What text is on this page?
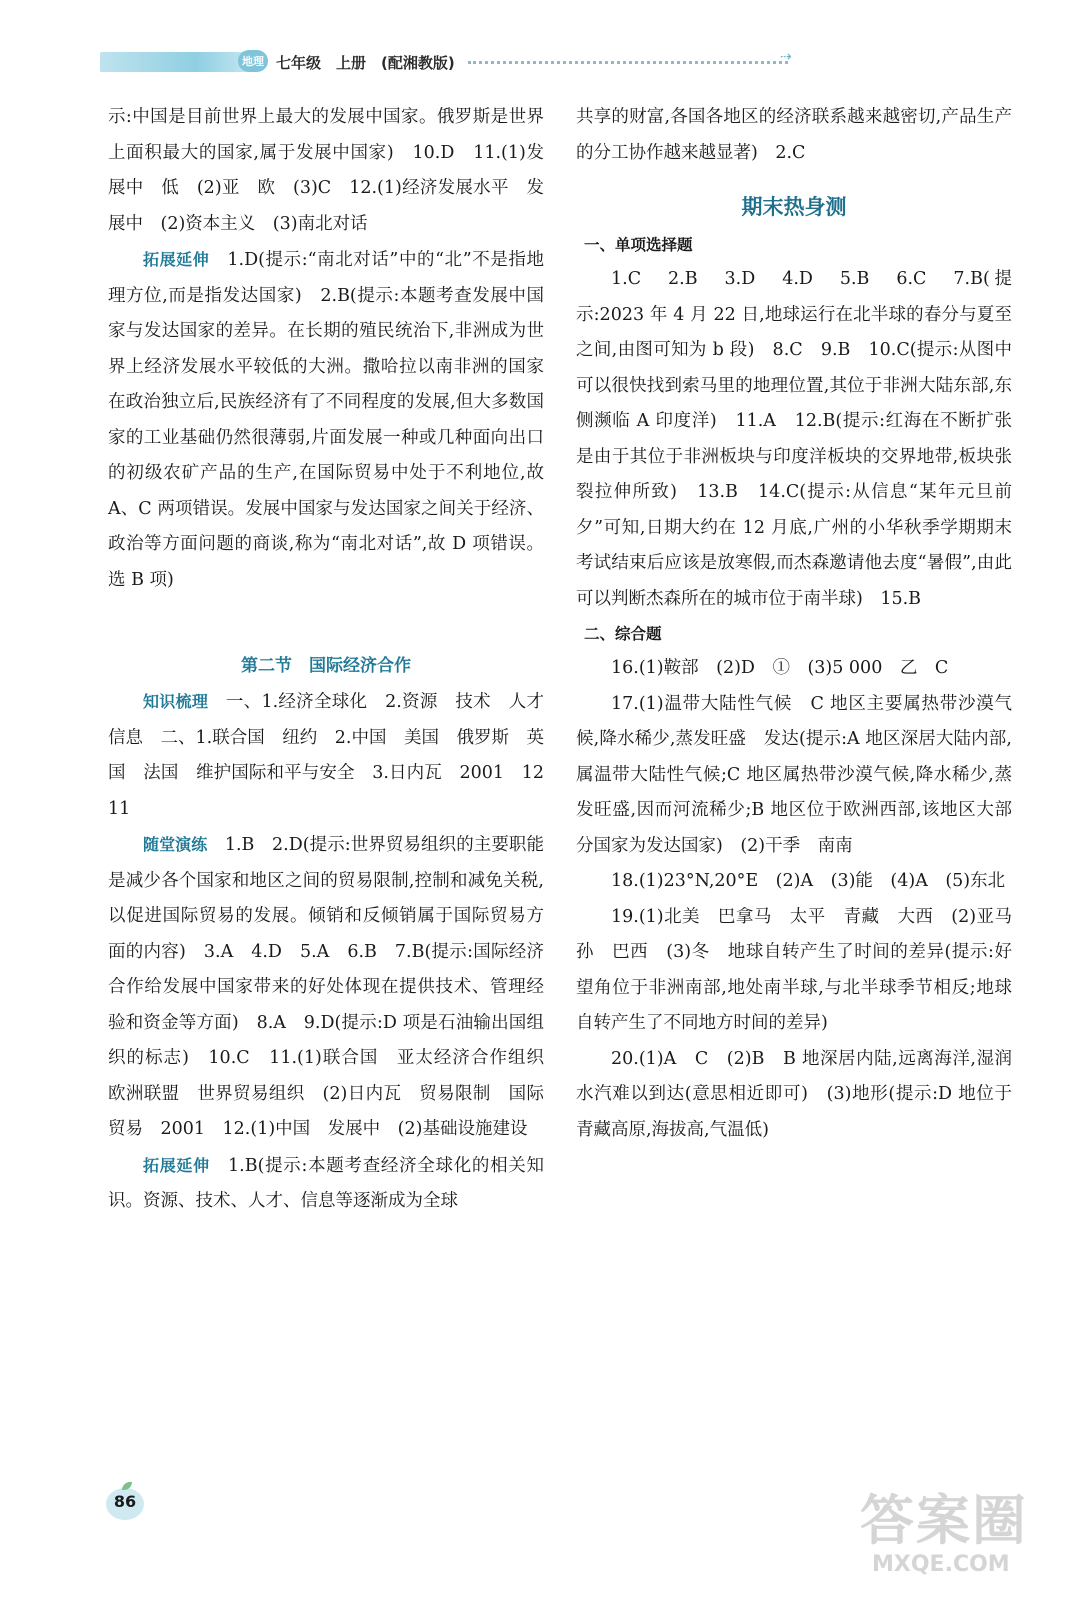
地理 七年级　上册　(配湘教版)	⇢

示:中国是目前世界上最大的发展中国家。俄罗斯是世界上面积最大的国家,属于发展中国家)　10.D　11.(1)发展中　低　(2)亚　欧　(3)C　12.(1)经济发展水平　发展中　(2)资本主义　(3)南北对话

拓展延伸　1.D(提示:“南北对话”中的“北”不是指地理方位,而是指发达国家)　2.B(提示:本题考查发展中国家与发达国家的差异。在长期的殖民统治下,非洲成为世界上经济发展水平较低的大洲。撒哈拉以南非洲的国家在政治独立后,民族经济有了不同程度的发展,但大多数国家的工业基础仍然很薄弱,片面发展一种或几种面向出口的初级农矿产品的生产,在国际贸易中处于不利地位,故 A、C 两项错误。发展中国家与发达国家之间关于经济、政治等方面问题的商谈,称为“南北对话”,故 D 项错误。选 B 项)

第二节　国际经济合作

知识梳理　一、1.经济全球化　2.资源　技术　人才　信息　二、1.联合国　纽约　2.中国　美国　俄罗斯　英国　法国　维护国际和平与安全　3.日内瓦　2001　12　11

随堂演练　1.B　2.D(提示:世界贸易组织的主要职能是减少各个国家和地区之间的贸易限制,控制和减免关税,以促进国际贸易的发展。倾销和反倾销属于国际贸易方面的内容)　3.A　4.D　5.A　6.B　7.B(提示:国际经济合作给发展中国家带来的好处体现在提供技术、管理经验和资金等方面)　8.A　9.D(提示:D 项是石油输出国组织的标志)　10.C　11.(1)联合国　亚太经济合作组织　欧洲联盟　世界贸易组织　(2)日内瓦　贸易限制　国际贸易　2001　12.(1)中国　发展中　(2)基础设施建设

拓展延伸　1.B(提示:本题考查经济全球化的相关知识。资源、技术、人才、信息等逐渐成为全球

共享的财富,各国各地区的经济联系越来越密切,产品生产的分工协作越来越显著)　2.C

期末热身测
一、单项选择题

1.C　2.B　3.D　4.D　5.B　6.C　7.B(提示:2023 年 4 月 22 日,地球运行在北半球的春分与夏至之间,由图可知为 b 段)　8.C　9.B　10.C(提示:从图中可以很快找到索马里的地理位置,其位于非洲大陆东部,东侧濒临 A 印度洋)　11.A　12.B(提示:红海在不断扩张是由于其位于非洲板块与印度洋板块的交界地带,板块张裂拉伸所致)　13.B　14.C(提示:从信息“某年元旦前夕”可知,日期大约在 12 月底,广州的小华秋季学期期末考试结束后应该是放寒假,而杰森邀请他去度“暑假”,由此可以判断杰森所在的城市位于南半球)　15.B

二、综合题

16.(1)鞍部　(2)D　①　(3)5 000　乙　C

17.(1)温带大陆性气候　C 地区主要属热带沙漠气候,降水稀少,蒸发旺盛　发达(提示:A 地区深居大陆内部,属温带大陆性气候;C 地区属热带沙漠气候,降水稀少,蒸发旺盛,因而河流稀少;B 地区位于欧洲西部,该地区大部分国家为发达国家)　(2)干季　南南

18.(1)23°N,20°E　(2)A　(3)能　(4)A　(5)东北

19.(1)北美　巴拿马　太平　青藏　大西　(2)亚马孙　巴西　(3)冬　地球自转产生了时间的差异(提示:好望角位于非洲南部,地处南半球,与北半球季节相反;地球自转产生了不同地方时间的差异)

20.(1)A　C　(2)B　B 地深居内陆,远离海洋,湿润水汽难以到达(意思相近即可)　(3)地形(提示:D 地位于青藏高原,海拔高,气温低)

86	答案圈
MXQE.COM
